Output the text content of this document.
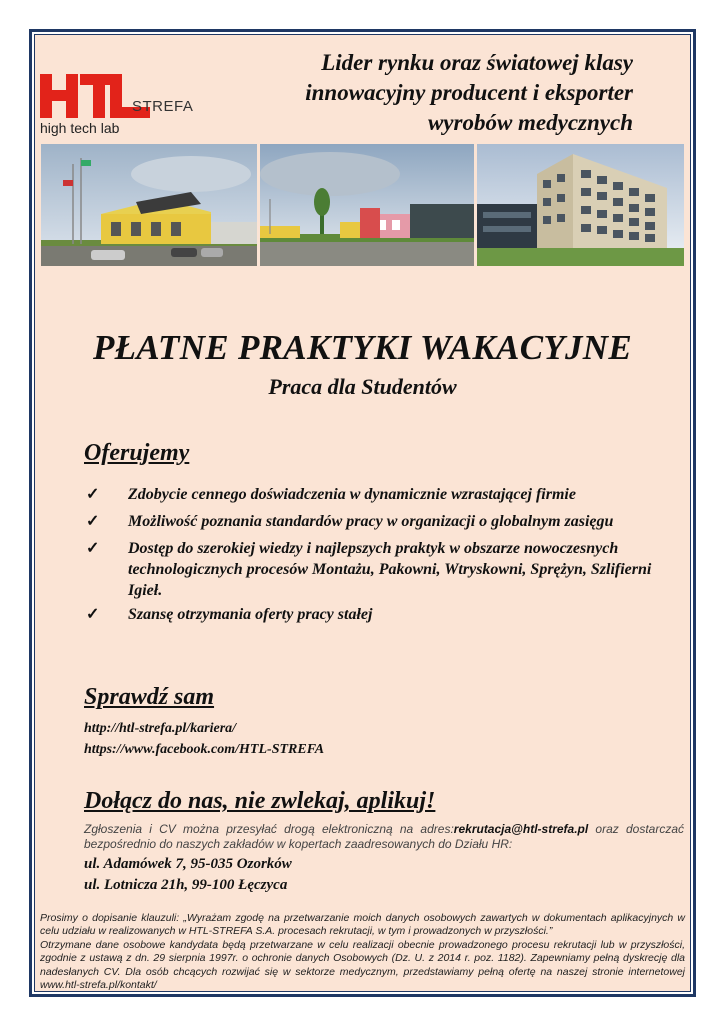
HTL
STREFA
high tech lab
Lider rynku oraz światowej klasy
innowacyjny producent i eksporter
wyrobów medycznych
PŁATNE PRAKTYKI WAKACYJNE
Praca dla Studentów
Oferujemy
✓ Zdobycie cennego doświadczenia w dynamicznie wzrastającej firmie
✓ Możliwość poznania standardów pracy w organizacji o globalnym zasięgu
✓ Dostęp do szerokiej wiedzy i najlepszych praktyk w obszarze nowoczesnych technologicznych procesów Montażu, Pakowni, Wtryskowni, Sprężyn, Szlifierni Igieł.
✓ Szansę otrzymania oferty pracy stałej
Sprawdź sam
http://htl-strefa.pl/kariera/
https://www.facebook.com/HTL-STREFA
Dołącz do nas, nie zwlekaj, aplikuj!
Zgłoszenia i CV można przesyłać drogą elektroniczną na adres:rekrutacja@htl-strefa.pl oraz dostarczać bezpośrednio do naszych zakładów w kopertach zaadresowanych do Działu HR:
ul. Adamówek 7, 95-035 Ozorków
ul. Lotnicza 21h, 99-100 Łęczyca

Prosimy o dopisanie klauzuli: „Wyrażam zgodę na przetwarzanie moich danych osobowych zawartych w dokumentach aplikacyjnych w celu udziału w realizowanych w HTL-STREFA S.A. procesach rekrutacji, w tym i prowadzonych w przyszłości.”

Otrzymane dane osobowe kandydata będą przetwarzane w celu realizacji obecnie prowadzonego procesu rekrutacji lub w przyszłości, zgodnie z ustawą z dn. 29 sierpnia 1997r. o ochronie danych Osobowych (Dz. U. z 2014 r. poz. 1182). Zapewniamy pełną dyskrecję dla nadesłanych CV. Dla osób chcących rozwijać się w sektorze medycznym, przedstawiamy pełną ofertę na naszej stronie internetowej www.htl-strefa.pl/kontakt/
